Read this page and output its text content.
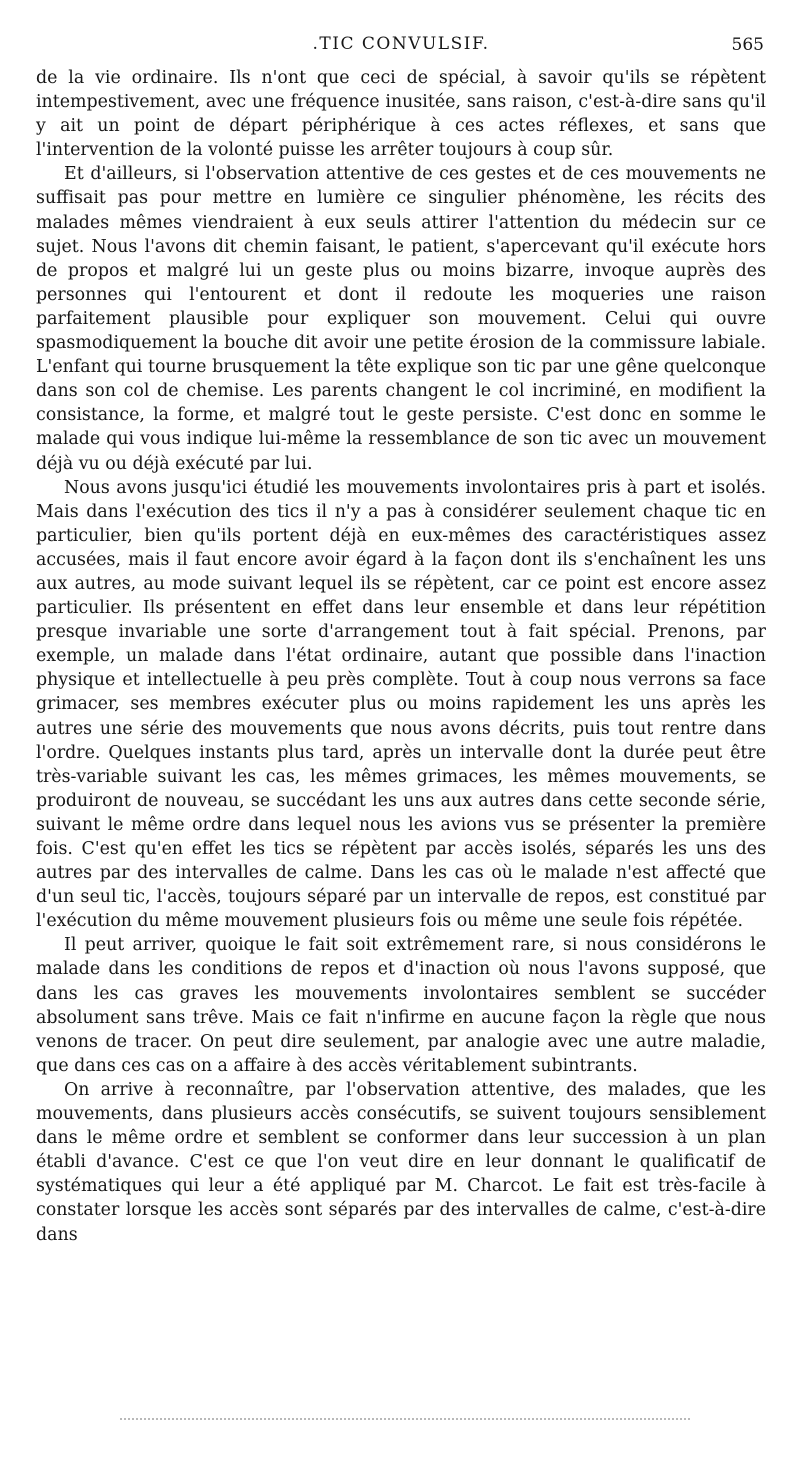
.TIC CONVULSIF.	565

de la vie ordinaire. Ils n'ont que ceci de spécial, à savoir qu'ils se répètent intempestivement, avec une fréquence inusitée, sans raison, c'est-à-dire sans qu'il y ait un point de départ périphérique à ces actes réflexes, et sans que l'intervention de la volonté puisse les arrêter toujours à coup sûr.

Et d'ailleurs, si l'observation attentive de ces gestes et de ces mouvements ne suffisait pas pour mettre en lumière ce singulier phénomène, les récits des malades mêmes viendraient à eux seuls attirer l'attention du médecin sur ce sujet. Nous l'avons dit chemin faisant, le patient, s'apercevant qu'il exécute hors de propos et malgré lui un geste plus ou moins bizarre, invoque auprès des personnes qui l'entourent et dont il redoute les moqueries une raison parfaitement plausible pour expliquer son mouvement. Celui qui ouvre spasmodiquement la bouche dit avoir une petite érosion de la commissure labiale. L'enfant qui tourne brusquement la tête explique son tic par une gêne quelconque dans son col de chemise. Les parents changent le col incriminé, en modifient la consistance, la forme, et malgré tout le geste persiste. C'est donc en somme le malade qui vous indique lui-même la ressemblance de son tic avec un mouvement déjà vu ou déjà exécuté par lui.

Nous avons jusqu'ici étudié les mouvements involontaires pris à part et isolés. Mais dans l'exécution des tics il n'y a pas à considérer seulement chaque tic en particulier, bien qu'ils portent déjà en eux-mêmes des caractéristiques assez accusées, mais il faut encore avoir égard à la façon dont ils s'enchaînent les uns aux autres, au mode suivant lequel ils se répètent, car ce point est encore assez particulier. Ils présentent en effet dans leur ensemble et dans leur répétition presque invariable une sorte d'arrangement tout à fait spécial. Prenons, par exemple, un malade dans l'état ordinaire, autant que possible dans l'inaction physique et intellectuelle à peu près complète. Tout à coup nous verrons sa face grimacer, ses membres exécuter plus ou moins rapidement les uns après les autres une série des mouvements que nous avons décrits, puis tout rentre dans l'ordre. Quelques instants plus tard, après un intervalle dont la durée peut être très-variable suivant les cas, les mêmes grimaces, les mêmes mouvements, se produiront de nouveau, se succédant les uns aux autres dans cette seconde série, suivant le même ordre dans lequel nous les avions vus se présenter la première fois. C'est qu'en effet les tics se répètent par accès isolés, séparés les uns des autres par des intervalles de calme. Dans les cas où le malade n'est affecté que d'un seul tic, l'accès, toujours séparé par un intervalle de repos, est constitué par l'exécution du même mouvement plusieurs fois ou même une seule fois répétée.

Il peut arriver, quoique le fait soit extrêmement rare, si nous considérons le malade dans les conditions de repos et d'inaction où nous l'avons supposé, que dans les cas graves les mouvements involontaires semblent se succéder absolument sans trêve. Mais ce fait n'infirme en aucune façon la règle que nous venons de tracer. On peut dire seulement, par analogie avec une autre maladie, que dans ces cas on a affaire à des accès véritablement subintrants.

On arrive à reconnaître, par l'observation attentive, des malades, que les mouvements, dans plusieurs accès consécutifs, se suivent toujours sensiblement dans le même ordre et semblent se conformer dans leur succession à un plan établi d'avance. C'est ce que l'on veut dire en leur donnant le qualificatif de systématiques qui leur a été appliqué par M. Charcot. Le fait est très-facile à constater lorsque les accès sont séparés par des intervalles de calme, c'est-à-dire dans
